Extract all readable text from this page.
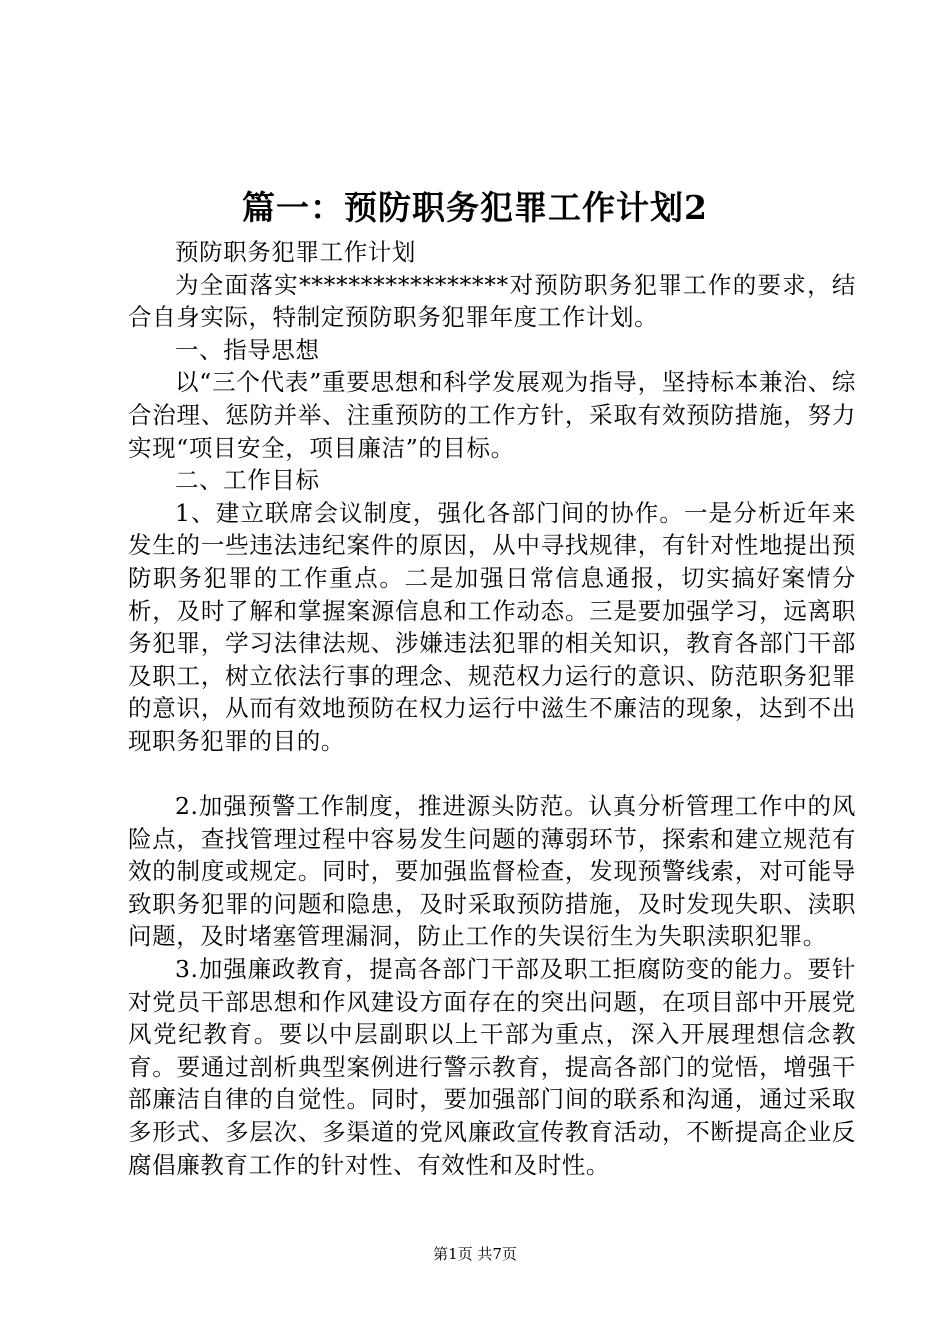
篇一：预防职务犯罪工作计划2

预防职务犯罪工作计划

为全面落实*****************对预防职务犯罪工作的要求，结合自身实际，特制定预防职务犯罪年度工作计划。

一、指导思想

以“三个代表”重要思想和科学发展观为指导，坚持标本兼治、综合治理、惩防并举、注重预防的工作方针，采取有效预防措施，努力实现“项目安全，项目廉洁”的目标。

二、工作目标

1、建立联席会议制度，强化各部门间的协作。一是分析近年来发生的一些违法违纪案件的原因，从中寻找规律，有针对性地提出预防职务犯罪的工作重点。二是加强日常信息通报，切实搞好案情分析，及时了解和掌握案源信息和工作动态。三是要加强学习，远离职务犯罪，学习法律法规、涉嫌违法犯罪的相关知识，教育各部门干部及职工，树立依法行事的理念、规范权力运行的意识、防范职务犯罪的意识，从而有效地预防在权力运行中滋生不廉洁的现象，达到不出现职务犯罪的目的。

2.加强预警工作制度，推进源头防范。认真分析管理工作中的风险点，查找管理过程中容易发生问题的薄弱环节，探索和建立规范有效的制度或规定。同时，要加强监督检查，发现预警线索，对可能导致职务犯罪的问题和隐患，及时采取预防措施，及时发现失职、渎职问题，及时堵塞管理漏洞，防止工作的失误衍生为失职渎职犯罪。

3.加强廉政教育，提高各部门干部及职工拒腐防变的能力。要针对党员干部思想和作风建设方面存在的突出问题，在项目部中开展党风党纪教育。要以中层副职以上干部为重点，深入开展理想信念教育。要通过剖析典型案例进行警示教育，提高各部门的觉悟，增强干部廉洁自律的自觉性。同时，要加强部门间的联系和沟通，通过采取多形式、多层次、多渠道的党风廉政宣传教育活动，不断提高企业反腐倡廉教育工作的针对性、有效性和及时性。

第1页 共7页
